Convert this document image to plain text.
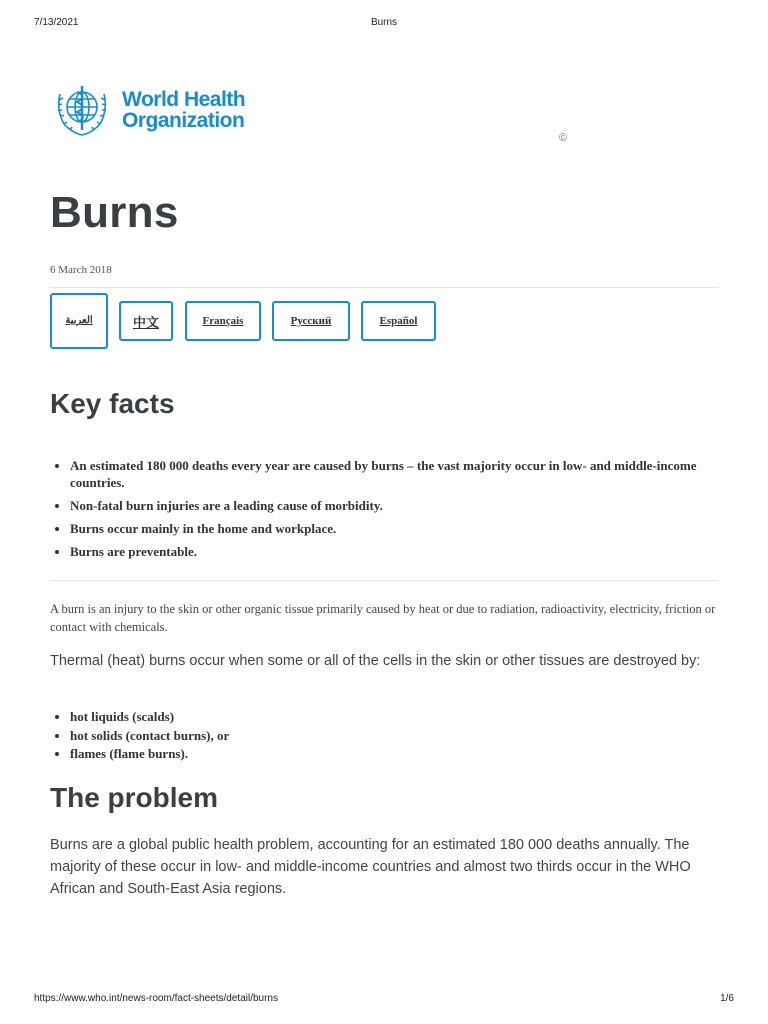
7/13/2021	Burns
World Health
Organization
©
Burns
6 March 2018
العربية	中文	Français	Русский	Español
Key facts
• An estimated 180 000 deaths every year are caused by burns – the vast majority occur in low- and middle-income countries.
• Non-fatal burn injuries are a leading cause of morbidity.
• Burns occur mainly in the home and workplace.
• Burns are preventable.

A burn is an injury to the skin or other organic tissue primarily caused by heat or due to radiation, radioactivity, electricity, friction or contact with chemicals.

Thermal (heat) burns occur when some or all of the cells in the skin or other tissues are destroyed by:

• hot liquids (scalds)
• hot solids (contact burns), or
• flames (flame burns).
The problem

Burns are a global public health problem, accounting for an estimated 180 000 deaths annually. The majority of these occur in low- and middle-income countries and almost two thirds occur in the WHO African and South-East Asia regions.

https://www.who.int/news-room/fact-sheets/detail/burns	1/6
